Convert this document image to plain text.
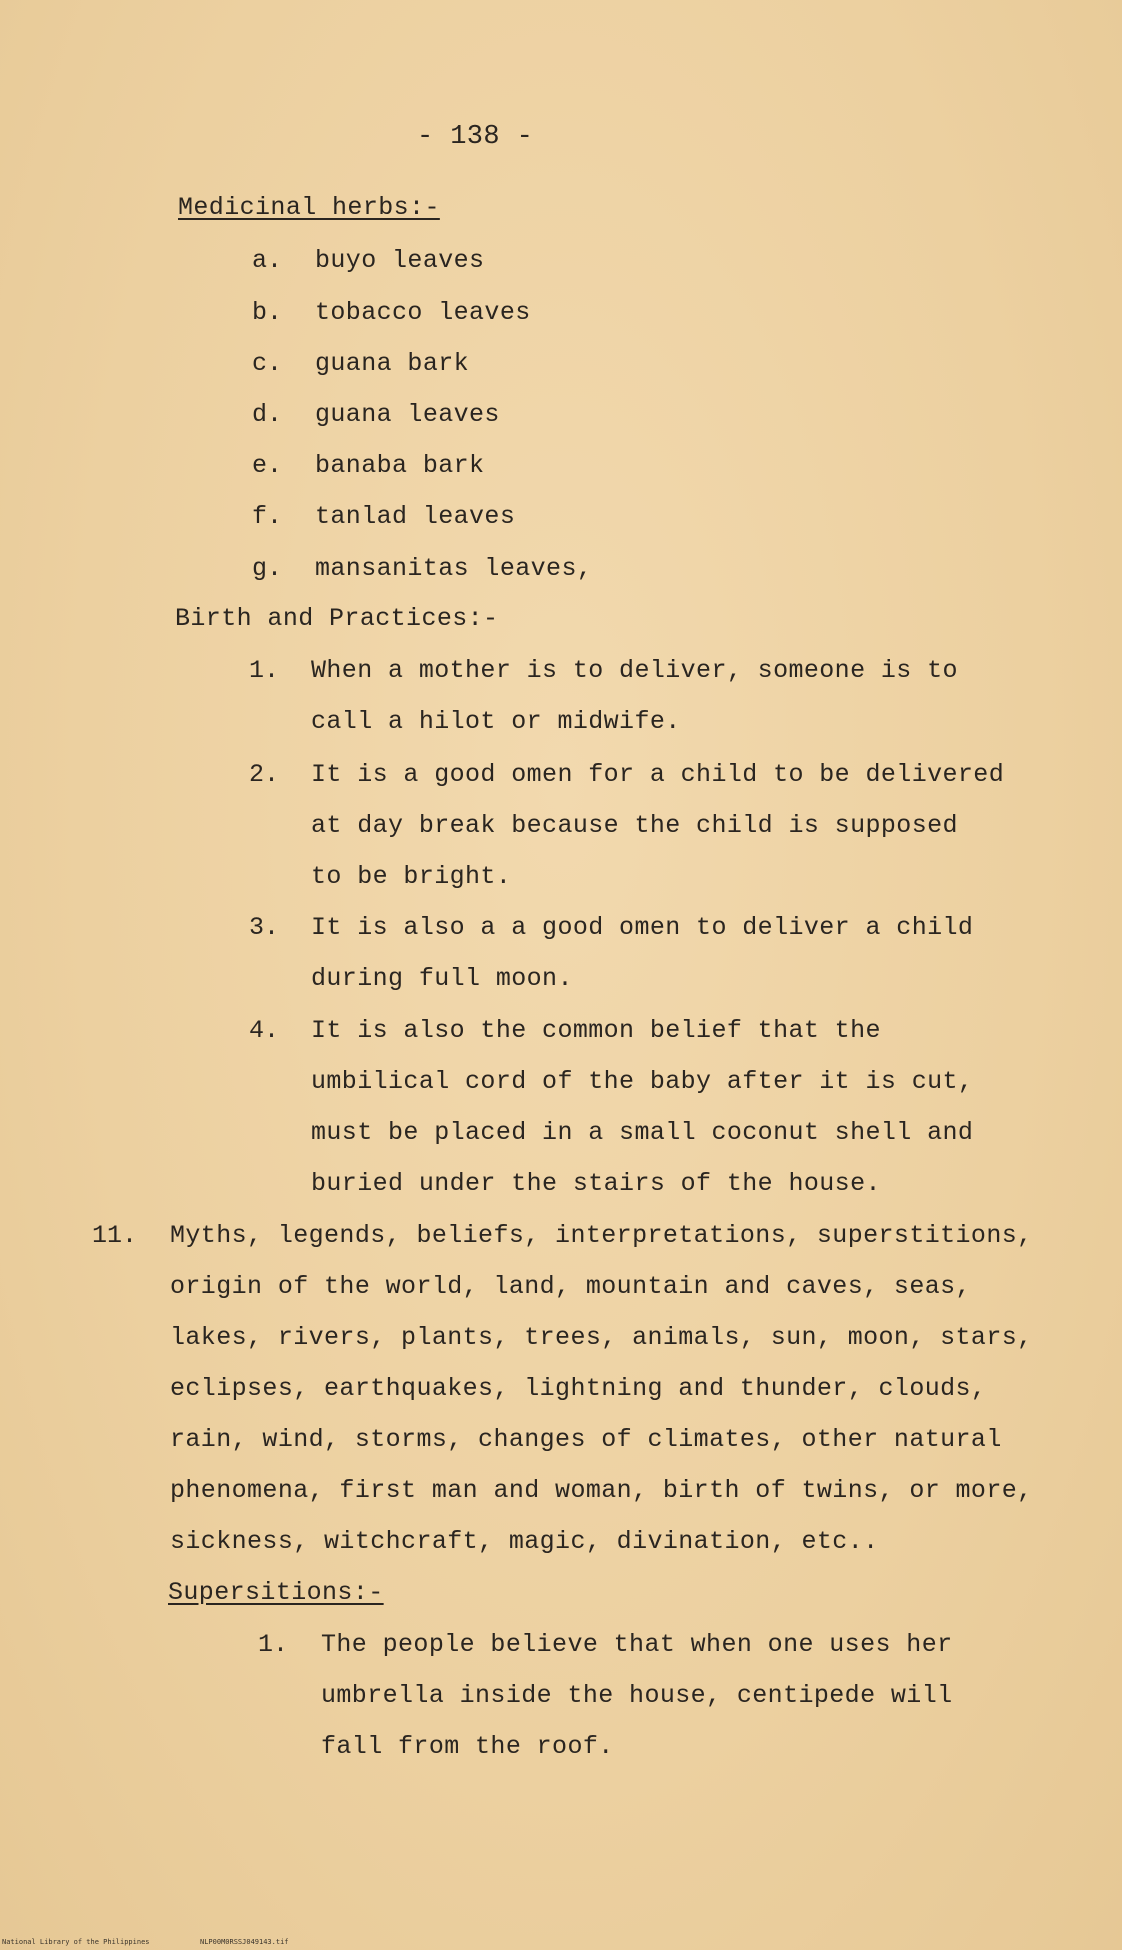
- 138 -
Medicinal herbs:-
a. buyo leaves
b. tobacco leaves
c. guana bark
d. guana leaves
e. banaba bark
f. tanlad leaves
g. mansanitas leaves,
Birth and Practices:-
1. When a mother is to deliver, someone is to
call a hilot or midwife.
2. It is a good omen for a child to be delivered
at day break because the child is supposed
to be bright.
3. It is also a a good omen to deliver a child
during full moon.
4. It is also the common belief that the
umbilical cord of the baby after it is cut,
must be placed in a small coconut shell and
buried under the stairs of the house.
11. Myths, legends, beliefs, interpretations, superstitions,
origin of the world, land, mountain and caves, seas,
lakes, rivers, plants, trees, animals, sun, moon, stars,
eclipses, earthquakes, lightning and thunder, clouds,
rain, wind, storms, changes of climates, other natural
phenomena, first man and woman, birth of twins, or more,
sickness, witchcraft, magic, divination, etc..
Supersitions:-
1. The people believe that when one uses her
umbrella inside the house, centipede will
fall from the roof.
National Library of the Philippines	NLP00M0RSSJ049143.tif
